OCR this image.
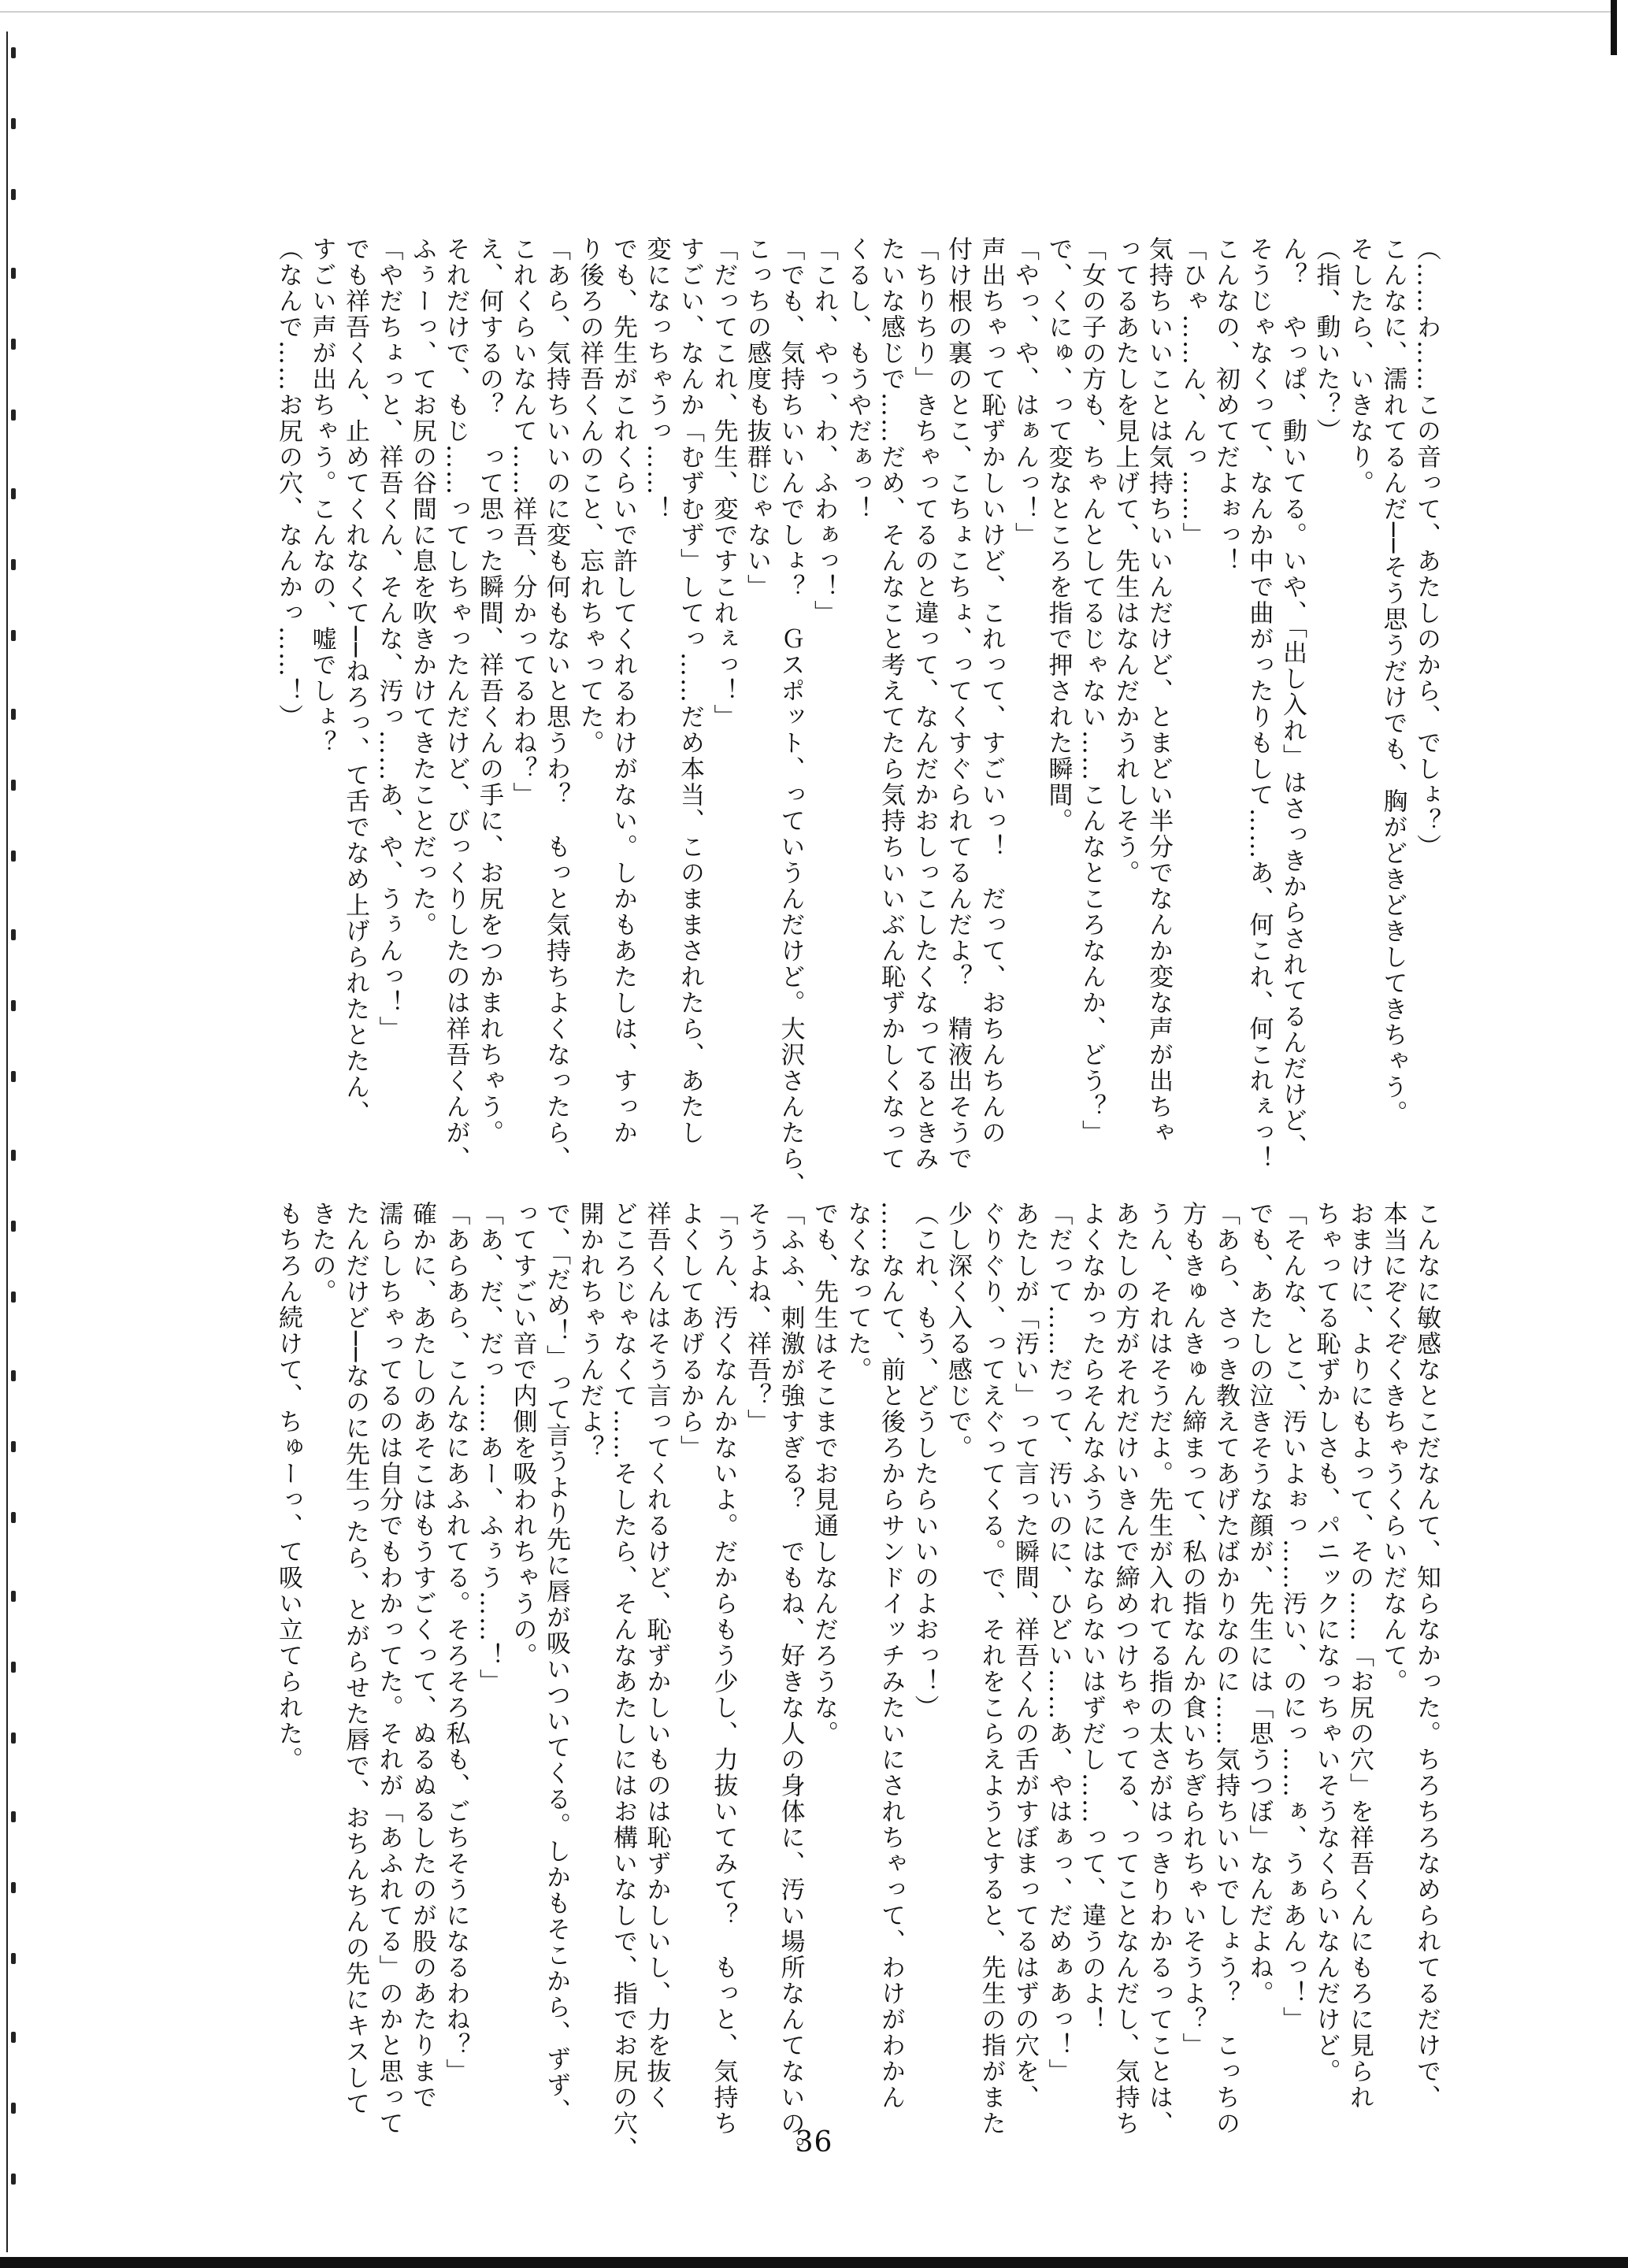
（……わ……この音って、あたしのから、でしょ？）

こんなに、濡れてるんだ──そう思うだけでも、胸がどきどきしてきちゃう。

そしたら、いきなり。

（指、動いた？）

ん？　やっぱ、動いてる。いや、「出し入れ」はさっきからされてるんだけど、

そうじゃなくって、なんか中で曲がったりもして……あ、何これ、何これぇっ！

こんなの、初めてだよぉっ！

「ひゃ……ん、んっ……」

気持ちいいことは気持ちいいんだけど、とまどい半分でなんか変な声が出ちゃ

ってるあたしを見上げて、先生はなんだかうれしそう。

「女の子の方も、ちゃんとしてるじゃない……こんなところなんか、どう？」

で、くにゅ、って変なところを指で押された瞬間。

「やっ、や、はぁんっ！」

声出ちゃって恥ずかしいけど、これって、すごいっ！　だって、おちんちんの

付け根の裏のとこ、こちょこちょ、ってくすぐられてるんだよ？　精液出そうで

「ちりちり」きちゃってるのと違って、なんだかおしっこしたくなってるときみ

たいな感じで……だめ、そんなこと考えてたら気持ちいいぶん恥ずかしくなって

くるし、もうやだぁっ！

「これ、やっ、わ、ふわぁっ！」

「でも、気持ちいいんでしょ？　Ｇスポット、っていうんだけど。大沢さんたら、

こっちの感度も抜群じゃない」

「だってこれ、先生、変ですこれぇっ！」

すごい、なんか「むずむず」してっ……だめ本当、このままされたら、あたし

変になっちゃうっ……！

でも、先生がこれくらいで許してくれるわけがない。しかもあたしは、すっか

り後ろの祥吾くんのこと、忘れちゃってた。

「あら、気持ちいいのに変も何もないと思うわ？　もっと気持ちよくなったら、

これくらいなんて……祥吾、分かってるわね？」

え、何するの？　って思った瞬間、祥吾くんの手に、お尻をつかまれちゃう。

それだけで、もじ……ってしちゃったんだけど、びっくりしたのは祥吾くんが、

ふぅーっ、てお尻の谷間に息を吹きかけてきたことだった。

「やだちょっと、祥吾くん、そんな、汚っ……あ、や、うぅんっ！」

でも祥吾くん、止めてくれなくて──ねろっ、て舌でなめ上げられたとたん、

すごい声が出ちゃう。こんなの、嘘でしょ？

（なんで……お尻の穴、なんかっ……！）

こんなに敏感なとこだなんて、知らなかった。ちろちろなめられてるだけで、

本当にぞくぞくきちゃうくらいだなんて。

おまけに、よりにもよって、その……「お尻の穴」を祥吾くんにもろに見られ

ちゃってる恥ずかしさも、パニックになっちゃいそうなくらいなんだけど。

「そんな、とこ、汚いよぉっ……汚い、のにっ……ぁ、うぁあんっ！」

でも、あたしの泣きそうな顔が、先生には「思うつぼ」なんだよね。

「あら、さっき教えてあげたばかりなのに……気持ちいいでしょう？　こっちの

方もきゅんきゅん締まって、私の指なんか食いちぎられちゃいそうよ？」

うん、それはそうだよ。先生が入れてる指の太さがはっきりわかるってことは、

あたしの方がそれだけいきんで締めつけちゃってる、ってことなんだし、気持ち

よくなかったらそんなふうにはならないはずだし……って、違うのよ！

「だって……だって、汚いのに、ひどい……あ、やはぁっ、だめぁあっ！」

あたしが「汚い」って言った瞬間、祥吾くんの舌がすぼまってるはずの穴を、

ぐりぐり、ってえぐってくる。で、それをこらえようとすると、先生の指がまた

少し深く入る感じで。

（これ、もう、どうしたらいいのよおっ！）

……なんて、前と後ろからサンドイッチみたいにされちゃって、わけがわかん

なくなってた。

でも、先生はそこまでお見通しなんだろうな。

「ふふ、刺激が強すぎる？　でもね、好きな人の身体に、汚い場所なんてないの。

そうよね、祥吾？」

「うん、汚くなんかないよ。だからもう少し、力抜いてみて？　もっと、気持ち

よくしてあげるから」

祥吾くんはそう言ってくれるけど、恥ずかしいものは恥ずかしいし、力を抜く

どころじゃなくて……そしたら、そんなあたしにはお構いなしで、指でお尻の穴、

開かれちゃうんだよ？

で、「だめ！」って言うより先に唇が吸いついてくる。しかもそこから、ずず、

ってすごい音で内側を吸われちゃうの。

「あ、だ、だっ……あー、ふぅう……！」

「あらあら、こんなにあふれてる。そろそろ私も、ごちそうになるわね？」

確かに、あたしのあそこはもうすごくって、ぬるぬるしたのが股のあたりまで

濡らしちゃってるのは自分でもわかってた。それが「あふれてる」のかと思って

たんだけど──なのに先生ったら、とがらせた唇で、おちんちんの先にキスして

きたの。

もちろん続けて、ちゅーっ、て吸い立てられた。

36
